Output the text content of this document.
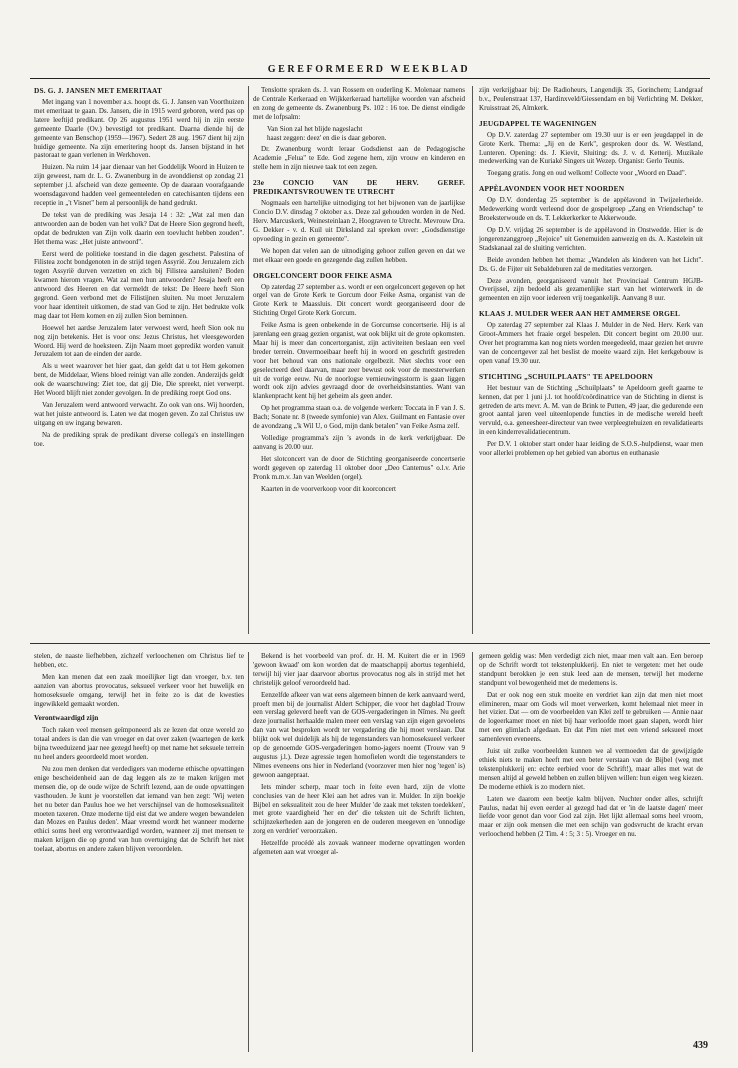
GEREFORMEERD WEEKBLAD
DS. G. J. JANSEN MET EMERITAAT

Met ingang van 1 november a.s. hoopt ds. G. J. Jansen van Voorthuizen met emeritaat te gaan. Ds. Jansen, die in 1915 werd geboren, werd pas op latere leeftijd predikant. Op 26 augustus 1951 werd hij in zijn eerste gemeente Daarle (Ov.) bevestigd tot predikant. Daarna diende hij de gemeente van Benschop (1959—1967). Sedert 28 aug. 1967 dient hij zijn huidige gemeente. Na zijn emeritering hoopt ds. Jansen bijstand in het pastoraat te gaan verlenen in Werkhoven.

Huizen. Na ruim 14 jaar dienaar van het Goddelijk Woord in Huizen te zijn geweest, nam dr. L. G. Zwanenburg in de avonddienst op zondag 21 september j.l. afscheid van deze gemeente. Op de daaraan voorafgaande woensdagavond hadden veel gemeenteleden en catechisanten tijdens een receptie in „'t Visnet" hem al persoonlijk de hand gedrukt.

De tekst van de prediking was Jesaja 14 : 32: „Wat zal men dan antwoorden aan de boden van het volk? Dat de Heere Sion gegrond heeft, opdat de bedrukten van Zijn volk daarin een toevlucht hebben zouden". Het thema was: „Het juiste antwoord".

Eerst werd de politieke toestand in die dagen geschetst. Palestina of Filistea zocht bondgenoten in de strijd tegen Assyrië. Zou Jeruzalem zich tegen Assyrië durven verzetten en zich bij Filistea aansluiten? Boden kwamen hierom vragen. Wat zal men hun antwoorden? Jesaja heeft een antwoord des Heeren en dat vermeldt de tekst: De Heere heeft Sion gegrond. Geen verbond met de Filistijnen sluiten. Nu moet Jeruzalem voor haar identiteit uitkomen, de stad van God te zijn. Het bedrukte volk mag daar tot Hem komen en zij zullen Sion beminnen.

Hoewel het aardse Jeruzalem later verwoest werd, heeft Sion ook nu nog zijn betekenis. Het is voor ons: Jezus Christus, het vleesgeworden Woord. Hij werd de hoeksteen. Zijn Naam moet gepredikt worden vanuit Jeruzalem tot aan de einden der aarde.

Als u weet waarover het hier gaat, dan geldt dat u tot Hem gekomen bent, de Middelaar, Wiens bloed reinigt van alle zonden. Anderzijds geldt ook de waarschuwing: Ziet toe, dat gij Die, Die spreekt, niet verwerpt. Het Woord blijft niet zonder gevolgen. In de prediking roept God ons.

Van Jeruzalem werd antwoord verwacht. Zo ook van ons. Wij hoorden, wat het juiste antwoord is. Laten we dat mogen geven. Zo zal Christus uw uitgang en uw ingang bewaren.

Na de prediking sprak de predikant diverse collega's en instellingen toe.

Tenslotte spraken ds. J. van Rossem en ouderling K. Molenaar namens de Centrale Kerkeraad en Wijkkerkeraad hartelijke woorden van afscheid en zong de gemeente ds. Zwanenburg Ps. 102 : 16 toe. De dienst eindigde met de lofpsalm:

Van Sion zal het blijde nageslacht

haast zeggen: deez' en die is daar geboren.

Dr. Zwanenburg wordt leraar Godsdienst aan de Pedagogische Academie „Felua" te Ede. God zegene hem, zijn vrouw en kinderen en stelle hem in zijn nieuwe taak tot een zegen.

23e CONCIO VAN DE HERV. GEREF. PREDIKANTSVROUWEN TE UTRECHT

Nogmaals een hartelijke uitnodiging tot het bijwonen van de jaarlijkse Concio D.V. dinsdag 7 oktober a.s. Deze zal gehouden worden in de Ned. Herv. Marcuskerk, Weinesteinlaan 2, Hoograven te Utrecht. Mevrouw Dra. G. Dekker - v. d. Kuil uit Dirksland zal spreken over: „Godsdienstige opvoeding in gezin en gemeente".

We hopen dat velen aan de uitnodiging gehoor zullen geven en dat we met elkaar een goede en gezegende dag zullen hebben.

ORGELCONCERT DOOR FEIKE ASMA

Op zaterdag 27 september a.s. wordt er een orgelconcert gegeven op het orgel van de Grote Kerk te Gorcum door Feike Asma, organist van de Grote Kerk te Maassluis. Dit concert wordt georganiseerd door de Stichting Orgel Grote Kerk Gorcum.

Feike Asma is geen onbekende in de Gorcumse concertserie. Hij is al jarenlang een graag gezien organist, wat ook blijkt uit de grote opkomsten. Maar hij is meer dan concertorganist, zijn activiteiten beslaan een veel breder terrein. Onvermoeibaar heeft hij in woord en geschrift gestreden voor het behoud van ons nationale orgelbezit. Niet slechts voor een geselecteerd deel daarvan, maar zeer bewust ook voor de meesterwerken uit de vorige eeuw. Nu de noorlogse vernieuwingsstorm is gaan liggen wordt ook zijn advies gevraagd door de overheidsinstanties. Want van klankenpracht kent hij het geheim als geen ander.

Op het programma staan o.a. de volgende werken: Toccata in F van J. S. Bach; Sonate nr. 8 (tweede symfonie) van Alex. Guilmant en Fantasie over de avondzang „'k Wil U, o God, mijn dank betalen" van Feike Asma zelf.

Volledige programma's zijn 's avonds in de kerk verkrijgbaar. De aanvang is 20.00 uur.

Het slotconcert van de door de Stichting georganiseerde concertserie wordt gegeven op zaterdag 11 oktober door „Deo Cantemus" o.l.v. Arie Pronk m.m.v. Jan van Weelden (orgel).

Kaarten in de voorverkoop voor dit koorconcert

zijn verkrijgbaar bij: De Radioheurs, Langendijk 35, Gorinchem; Landgraaf b.v., Peulenstraat 137, Hardinxveld/Giessendam en bij Verlichting M. Dekker, Kruisstraat 26, Almkerk.

JEUGDAPPEL TE WAGENINGEN

Op D.V. zaterdag 27 september om 19.30 uur is er een jeugdappel in de Grote Kerk. Thema: „Jij en de Kerk", gesproken door ds. W. Westland, Lunteren. Opening: ds. J. Kievit, Sluiting: ds. J. v. d. Ketterij. Muzikale medewerking van de Kuriaké Singers uit Wezep. Organist: Gerlo Teunis.

Toegang gratis. Jong en oud welkom! Collecte voor „Woord en Daad".

APPÈLAVONDEN VOOR HET NOORDEN

Op D.V. donderdag 25 september is de appèlavond in Twijzelerheide. Medewerking wordt verleend door de gospelgroep „Zang en Vriendschap" te Broeksterwoude en ds. T. Lekkerkerker te Akkerwoude.

Op D.V. vrijdag 26 september is de appèlavond in Onstwedde. Hier is de jongerenzanggroep „Rejoice" uit Genemuiden aanwezig en ds. A. Kastelein uit Stadskanaal zal de sluiting verrichten.

Beide avonden hebben het thema: „Wandelen als kinderen van het Licht". Ds. G. de Fijter uit Sebaldeburen zal de meditaties verzorgen.

Deze avonden, georganiseerd vanuit het Provinciaal Centrum HGJB-Overijssel, zijn bedoeld als gezamenlijke start van het winterwerk in de gemeenten en zijn voor iedereen vrij toegankelijk. Aanvang 8 uur.

KLAAS J. MULDER WEER AAN HET AMMERSE ORGEL

Op zaterdag 27 september zal Klaas J. Mulder in de Ned. Herv. Kerk van Groot-Ammers het fraaie orgel bespelen. Dit concert begint om 20.00 uur. Over het programma kan nog niets worden meegedeeld, maar gezien het œuvre van de concertgever zal het beslist de moeite waard zijn. Het kerkgebouw is open vanaf 19.30 uur.

STICHTING „SCHUILPLAATS" TE APELDOORN

Het bestuur van de Stichting „Schuilplaats" te Apeldoorn geeft gaarne te kennen, dat per 1 juni j.l. tot hoofd/coördinatrice van de Stichting in dienst is getreden de arts mevr. A. M. van de Brink te Putten, 49 jaar, die gedurende een groot aantal jaren veel uiteenlopende functies in de medische wereld heeft vervuld, o.a. geneesheer-directeur van twee verpleegtehuizen en revalidatiearts in een kinderrevalidatiecentrum.

Per D.V. 1 oktober start onder haar leiding de S.O.S.-hulpdienst, waar men voor allerlei problemen op het gebied van abortus en euthanasie

stelen, de naaste liefhebben, zichzelf verloochenen om Christus lief te hebben, etc.

Men kan menen dat een zaak moeilijker ligt dan vroeger, b.v. ten aanzien van abortus provocatus, seksueel verkeer voor het huwelijk en homoseksuele omgang, terwijl het in feite zo is dat de kwesties ingewikkeld gemaakt worden.

Verontwaardigd zijn

Toch raken veel mensen geïmponeerd als ze lezen dat onze wereld zo totaal anders is dan die van vroeger en dat over zaken (waartegen de kerk bijna tweeduizend jaar nee gezegd heeft) op met name het seksuele terrein nu heel anders geoordeeld moet worden.

Nu zou men denken dat verdedigers van moderne ethische opvattingen enige bescheidenheid aan de dag leggen als ze te maken krijgen met mensen die, op de oude wijze de Schrift lezend, aan de oude opvattingen vasthouden. Je kunt je voorstellen dat iemand van hen zegt: 'Wij weten het nu beter dan Paulus hoe we het verschijnsel van de homoseksualiteit moeten taxeren. Onze moderne tijd eist dat we andere wegen bewandelen dan Mozes en Paulus deden'. Maar vreemd wordt het wanneer moderne ethici soms heel erg verontwaardigd worden, wanneer zij met mensen te maken krijgen die op grond van hun overtuiging dat de Schrift het niet toelaat, abortus en andere zaken blijven veroordelen.

Bekend is het voorbeeld van prof. dr. H. M. Kuitert die er in 1969 'gewoon kwaad' om kon worden dat de maatschappij abortus tegenhield, terwijl hij vier jaar daarvoor abortus provocatus nog als in strijd met het christelijk geloof veroordeeld had.

Eenzelfde afkeer van wat eens algemeen binnen de kerk aanvaard werd, proeft men bij de journalist Aldert Schipper, die voor het dagblad Trouw een verslag geleverd heeft van de GOS-vergaderingen in Nîmes. Nu geeft deze journalist herhaalde malen meer een verslag van zijn eigen gevoelens dan van wat besproken wordt ter vergadering die hij moet verslaan. Dat blijkt ook wel duidelijk als hij de tegenstanders van homoseksueel verkeer op de genoemde GOS-vergaderingen homo-jagers noemt (Trouw van 9 augustus j.l.). Deze agressie tegen homofielen wordt die tegenstanders te Nîmes eveneens ons hier in Nederland (voorzover men hier nog 'tegen' is) gewoon aangepraat.

Iets minder scherp, maar toch in feite even hard, zijn de vlotte conclusies van de heer Klei aan het adres van ir. Mulder. In zijn boekje Bijbel en seksualiteit zou de heer Mulder 'de zaak met teksten toedekken', met grote vaardigheid 'her en der' die teksten uit de Schrift lichten, schijnzekerheden aan de jongeren en de ouderen meegeven en 'onnodige zorg en verdriet' veroorzaken.

Hetzelfde procédé als zovaak wanneer moderne opvattingen worden afgemeten aan wat vroeger al-

gemeen geldig was: Men verdedigt zich niet, maar men valt aan. Een beroep op de Schrift wordt tot tekstenplukkerij. En niet te vergeten: met het oude standpunt berokken je een stuk leed aan de mensen, terwijl het moderne standpunt vol bewogenheid met de medemens is.

Dat er ook nog een stuk moeite en verdriet kan zijn dat men niet moet elimineren, maar om Gods wil moet verwerken, komt helemaal niet meer in het vizier. Dat — om de voorbeelden van Klei zelf te gebruiken — Annie naar de logeerkamer moet en niet bij haar verloofde moet gaan slapen, wordt hier met een glimlach afgedaan. En dat Pim niet met een vriend seksueel moet samenleven eveneens.

Juist uit zulke voorbeelden kunnen we al vermoeden dat de gewijzigde ethiek niets te maken heeft met een beter verstaan van de Bijbel (weg met tekstenplukkerij en: echte eerbied voor de Schrift!), maar alles met wat de mensen altijd al geweld hebben en zullen blijven willen: hun eigen weg kiezen. De moderne ethiek is zo modern niet.

Laten we daarom een beetje kalm blijven. Nuchter onder alles, schrijft Paulus, nadat hij even eerder al gezegd had dat er 'in de laatste dagen' meer liefde voor genot dan voor God zal zijn. Het lijkt allemaal soms heel vroom, maar er zijn ook mensen die met een schijn van godsvrucht de kracht ervan verloochend hebben (2 Tim. 4 : 5; 3 : 5). Vroeger en nu.

439
